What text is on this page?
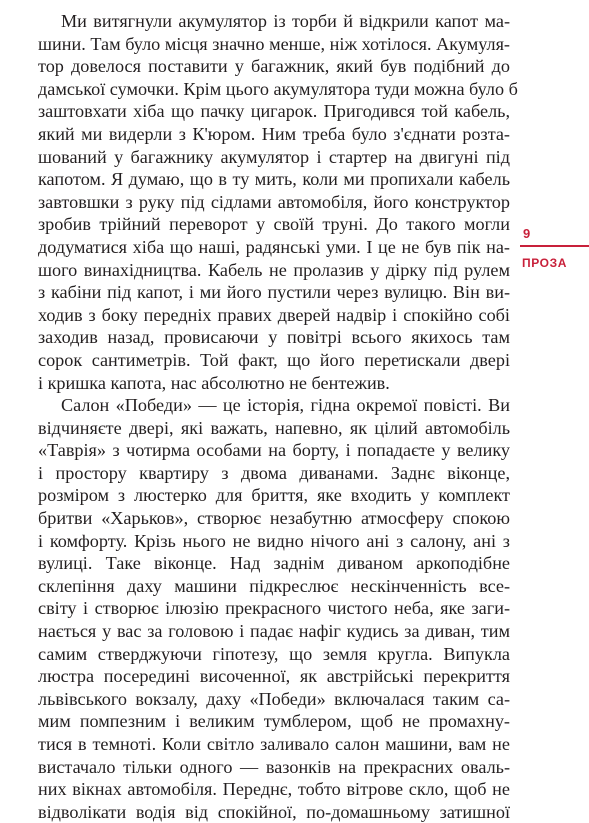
Ми витягнули акумулятор із торби й відкрили капот ма-
шини. Там було місця значно менше, ніж хотілося. Акумуля-
тор довелося поставити у багажник, який був подібний до
дамської сумочки. Крім цього акумулятора туди можна було б
заштовхати хіба що пачку цигарок. Пригодився той кабель,
який ми видерли з К'юром. Ним треба було з'єднати розта-
шований у багажнику акумулятор і стартер на двигуні під
капотом. Я думаю, що в ту мить, коли ми пропихали кабель
завтовшки з руку під сідлами автомобіля, його конструктор
зробив трійний переворот у своїй труні. До такого могли
додуматися хіба що наші, радянські уми. І це не був пік на-
шого винахідництва. Кабель не пролазив у дірку під рулем
з кабіни під капот, і ми його пустили через вулицю. Він ви-
ходив з боку передніх правих дверей надвір і спокійно собі
заходив назад, провисаючи у повітрі всього якихось там
сорок сантиметрів. Той факт, що його перетискали двері
і кришка капота, нас абсолютно не бентежив.
Салон «Победи» — це історія, гідна окремої повісті. Ви
відчиняєте двері, які важать, напевно, як цілий автомобіль
«Таврія» з чотирма особами на борту, і попадаєте у велику
і простору квартиру з двома диванами. Заднє віконце,
розміром з люстерко для бриття, яке входить у комплект
бритви «Харьков», створює незабутню атмосферу спокою
і комфорту. Крізь нього не видно нічого ані з салону, ані з
вулиці. Таке віконце. Над заднім диваном аркоподібне
склепіння даху машини підкреслює нескінченність все-
світу і створює ілюзію прекрасного чистого неба, яке заги-
нається у вас за головою і падає нафіг кудись за диван, тим
самим стверджуючи гіпотезу, що земля кругла. Випукла
люстра посередині височенної, як австрійські перекриття
львівського вокзалу, даху «Победи» включалася таким са-
мим помпезним і великим тумблером, щоб не промахну-
тися в темноті. Коли світло заливало салон машини, вам не
вистачало тільки одного — вазонків на прекрасних оваль-
них вікнах автомобіля. Переднє, тобто вітрове скло, щоб не
відволікати водія від спокійної, по-домашньому затишної
9
ПРОЗА
